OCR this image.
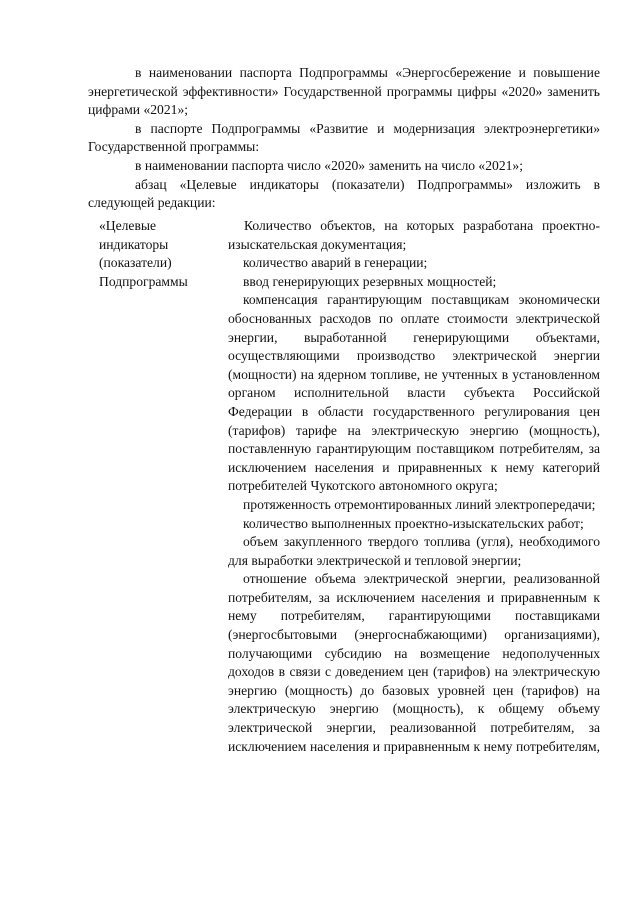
в наименовании паспорта Подпрограммы «Энергосбережение и повышение энергетической эффективности» Государственной программы цифры «2020» заменить цифрами «2021»;

в паспорте Подпрограммы «Развитие и модернизация электроэнергетики» Государственной программы:

в наименовании паспорта число «2020» заменить на число «2021»;

абзац «Целевые индикаторы (показатели) Подпрограммы» изложить в следующей редакции:

«Целевые
индикаторы
(показатели)
Подпрограммы

Количество объектов, на которых разработана проектно-изыскательская документация;

количество аварий в генерации;

ввод генерирующих резервных мощностей;

компенсация гарантирующим поставщикам экономически обоснованных расходов по оплате стоимости электрической энергии, выработанной генерирующими объектами, осуществляющими производство электрической энергии (мощности) на ядерном топливе, не учтенных в установленном органом исполнительной власти субъекта Российской Федерации в области государственного регулирования цен (тарифов) тарифе на электрическую энергию (мощность), поставленную гарантирующим поставщиком потребителям, за исключением населения и приравненных к нему категорий потребителей Чукотского автономного округа;

протяженность отремонтированных линий электропередачи;

количество выполненных проектно-изыскательских работ;

объем закупленного твердого топлива (угля), необходимого для выработки электрической и тепловой энергии;

отношение объема электрической энергии, реализованной потребителям, за исключением населения и приравненным к нему потребителям, гарантирующими поставщиками (энергосбытовыми (энергоснабжающими) организациями), получающими субсидию на возмещение недополученных доходов в связи с доведением цен (тарифов) на электрическую энергию (мощность) до базовых уровней цен (тарифов) на электрическую энергию (мощность), к общему объему электрической энергии, реализованной потребителям, за исключением населения и приравненным к нему потребителям,
